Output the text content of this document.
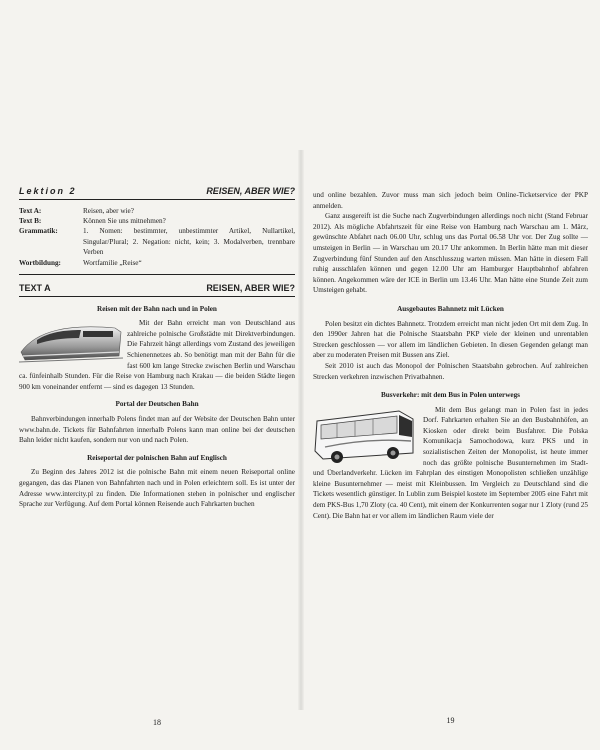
Lektion 2	REISEN, ABER WIE?
Text A:	Reisen, aber wie?
Text B:	Können Sie uns mitnehmen?
Grammatik:	1. Nomen: bestimmter, unbestimmter Artikel, Nullartikel, Singular/Plural; 2. Negation: nicht, kein; 3. Modalverben, trennbare Verben
Wortbildung:	Wortfamilie „Reise“
TEXT A	REISEN, ABER WIE?
Reisen mit der Bahn nach und in Polen

Mit der Bahn erreicht man von Deutschland aus zahlreiche polnische Großstädte mit Direktverbindungen. Die Fahrzeit hängt allerdings vom Zustand des jeweiligen Schienennetzes ab. So benötigt man mit der Bahn für die fast 600 km lange Strecke zwischen Berlin und Warschau ca. fünfeinhalb Stunden. Für die Reise von Hamburg nach Krakau — die beiden Städte liegen 900 km voneinander entfernt — sind es dagegen 13 Stunden.

Portal der Deutschen Bahn

Bahnverbindungen innerhalb Polens findet man auf der Website der Deutschen Bahn unter www.bahn.de. Tickets für Bahnfahrten innerhalb Polens kann man online bei der deutschen Bahn leider nicht kaufen, sondern nur von und nach Polen.

Reiseportal der polnischen Bahn auf Englisch

Zu Beginn des Jahres 2012 ist die polnische Bahn mit einem neuen Reiseportal online gegangen, das das Planen von Bahnfahrten nach und in Polen erleichtern soll. Es ist unter der Adresse www.intercity.pl zu finden. Die Informationen stehen in polnischer und englischer Sprache zur Verfügung. Auf dem Portal können Reisende auch Fahrkarten buchen

18

und online bezahlen. Zuvor muss man sich jedoch beim Online-Ticketservice der PKP anmelden.

Ganz ausgereift ist die Suche nach Zugverbindungen allerdings noch nicht (Stand Februar 2012). Als mögliche Abfahrtszeit für eine Reise von Hamburg nach Warschau am 1. März, gewünschte Abfahrt nach 06.00 Uhr, schlug uns das Portal 06.58 Uhr vor. Der Zug sollte — umsteigen in Berlin — in Warschau um 20.17 Uhr ankommen. In Berlin hätte man mit dieser Zugverbindung fünf Stunden auf den Anschlusszug warten müssen. Man hätte in diesem Fall ruhig ausschlafen können und gegen 12.00 Uhr am Hamburger Hauptbahnhof abfahren können. Angekommen wäre der ICE in Berlin um 13.46 Uhr. Man hätte eine Stunde Zeit zum Umsteigen gehabt.

Ausgebautes Bahnnetz mit Lücken

Polen besitzt ein dichtes Bahnnetz. Trotzdem erreicht man nicht jeden Ort mit dem Zug. In den 1990er Jahren hat die Polnische Staatsbahn PKP viele der kleinen und unrentablen Strecken geschlossen — vor allem im ländlichen Gebieten. In diesen Gegenden gelangt man aber zu moderaten Preisen mit Bussen ans Ziel.

Seit 2010 ist auch das Monopol der Polnischen Staatsbahn gebrochen. Auf zahlreichen Strecken verkehren inzwischen Privatbahnen.

Busverkehr: mit dem Bus in Polen unterwegs

Mit dem Bus gelangt man in Polen fast in jedes Dorf. Fahrkarten erhalten Sie an den Busbahnhöfen, an Kiosken oder direkt beim Busfahrer. Die Polska Komunikacja Samochodowa, kurz PKS und in sozialistischen Zeiten der Monopolist, ist heute immer noch das größte polnische Busunternehmen im Stadt- und Überlandverkehr. Lücken im Fahrplan des einstigen Monopolisten schließen unzählige kleine Busunternehmer — meist mit Kleinbussen. Im Vergleich zu Deutschland sind die Tickets wesentlich günstiger. In Lublin zum Beispiel kostete im September 2005 eine Fahrt mit dem PKS-Bus 1,70 Zloty (ca. 40 Cent), mit einem der Konkurrenten sogar nur 1 Zloty (rund 25 Cent). Die Bahn hat er vor allem im ländlichen Raum viele der

19
